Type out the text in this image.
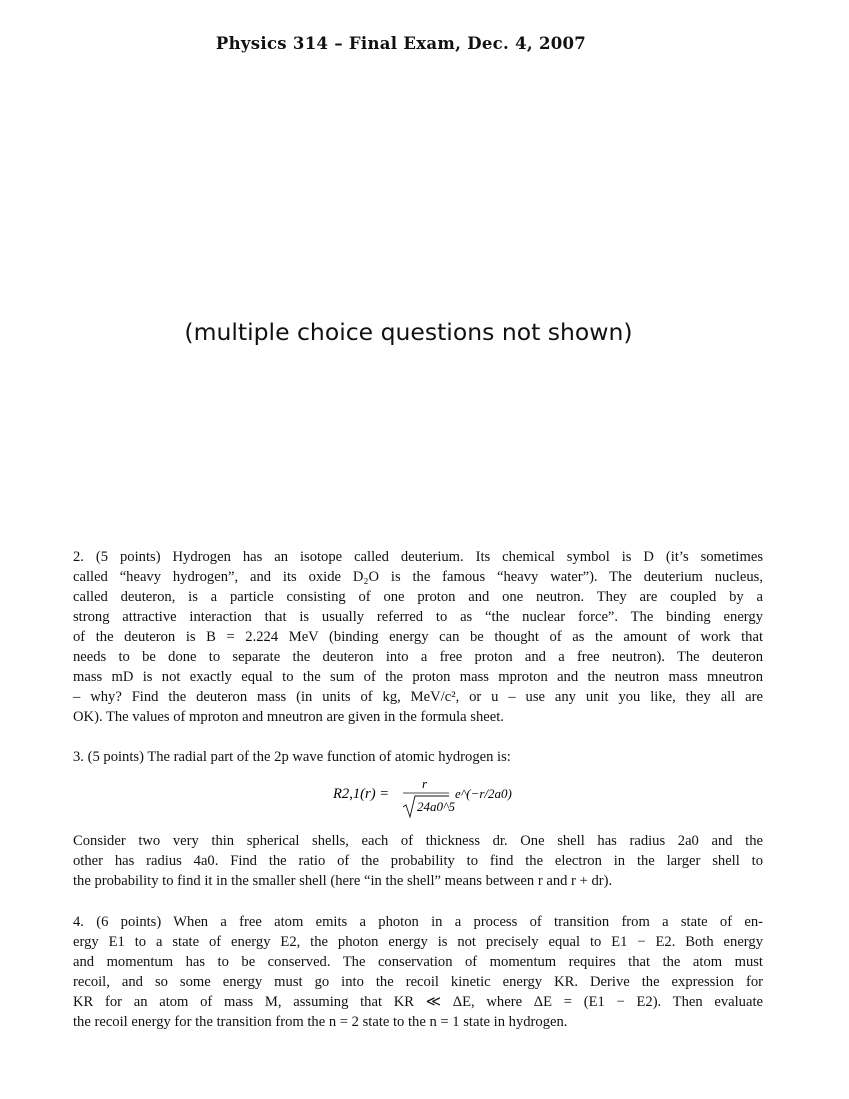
Physics 314 – Final Exam, Dec. 4, 2007
(multiple choice questions not shown)
2. (5 points) Hydrogen has an isotope called deuterium. Its chemical symbol is D (it’s sometimes
called “heavy hydrogen”, and its oxide D₂O is the famous “heavy water”). The deuterium nucleus,
called deuteron, is a particle consisting of one proton and one neutron. They are coupled by a
strong attractive interaction that is usually referred to as “the nuclear force”. The binding energy
of the deuteron is B = 2.224 MeV (binding energy can be thought of as the amount of work that
needs to be done to separate the deuteron into a free proton and a free neutron). The deuteron
mass mD is not exactly equal to the sum of the proton mass mproton and the neutron mass mneutron
– why? Find the deuteron mass (in units of kg, MeV/c², or u – use any unit you like, they all are
OK). The values of mproton and mneutron are given in the formula sheet.
3. (5 points) The radial part of the 2p wave function of atomic hydrogen is:
R2,1(r) =
r
24a0^5
e^(−r/2a0)
Consider two very thin spherical shells, each of thickness dr. One shell has radius 2a0 and the
other has radius 4a0. Find the ratio of the probability to find the electron in the larger shell to
the probability to find it in the smaller shell (here “in the shell” means between r and r + dr).
4. (6 points) When a free atom emits a photon in a process of transition from a state of en-
ergy E1 to a state of energy E2, the photon energy is not precisely equal to E1 − E2. Both energy
and momentum has to be conserved. The conservation of momentum requires that the atom must
recoil, and so some energy must go into the recoil kinetic energy KR. Derive the expression for
KR for an atom of mass M, assuming that KR ≪ ΔE, where ΔE = (E1 − E2). Then evaluate
the recoil energy for the transition from the n = 2 state to the n = 1 state in hydrogen.
